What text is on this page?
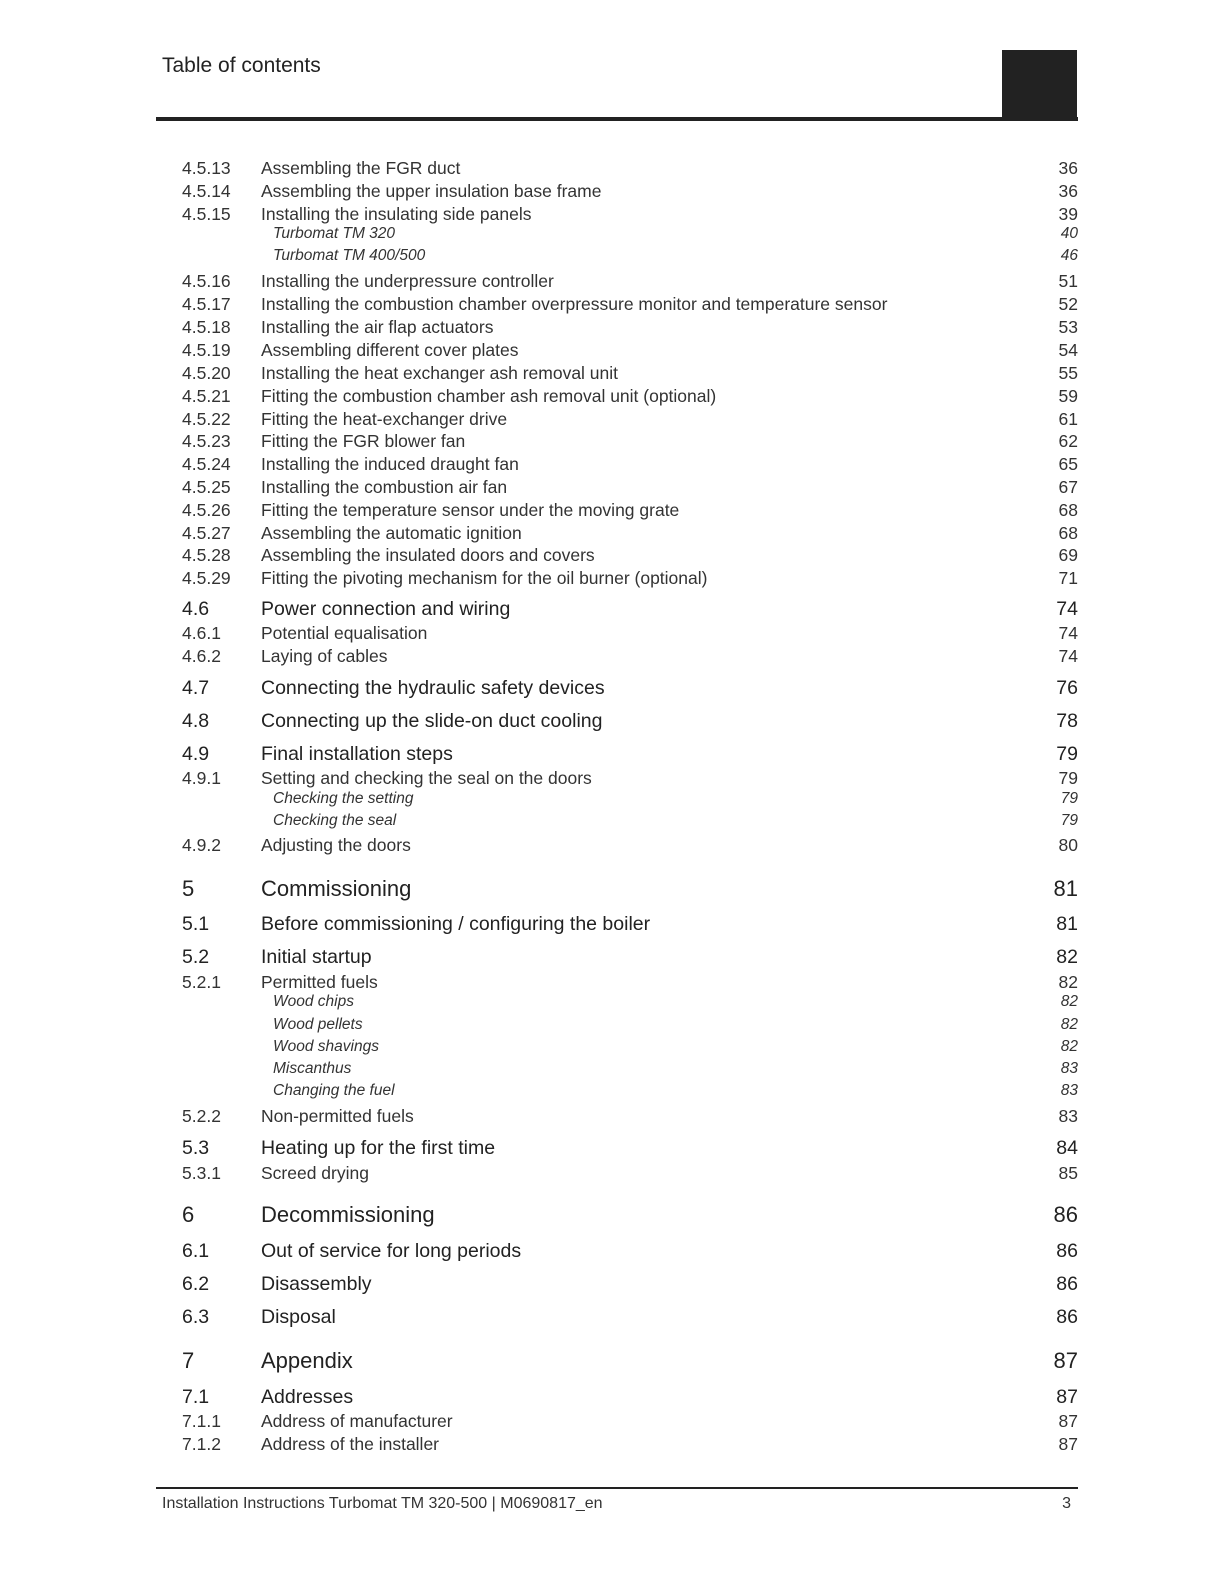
Table of contents
4.5.13 Assembling the FGR duct	36
4.5.14 Assembling the upper insulation base frame	36
4.5.15 Installing the insulating side panels	39
Turbomat TM 320	40
Turbomat TM 400/500	46
4.5.16 Installing the underpressure controller	51
4.5.17 Installing the combustion chamber overpressure monitor and temperature sensor	52
4.5.18 Installing the air flap actuators	53
4.5.19 Assembling different cover plates	54
4.5.20 Installing the heat exchanger ash removal unit	55
4.5.21 Fitting the combustion chamber ash removal unit (optional)	59
4.5.22 Fitting the heat-exchanger drive	61
4.5.23 Fitting the FGR blower fan	62
4.5.24 Installing the induced draught fan	65
4.5.25 Installing the combustion air fan	67
4.5.26 Fitting the temperature sensor under the moving grate	68
4.5.27 Assembling the automatic ignition	68
4.5.28 Assembling the insulated doors and covers	69
4.5.29 Fitting the pivoting mechanism for the oil burner (optional)	71
4.6	Power connection and wiring	74
4.6.1 Potential equalisation	74
4.6.2 Laying of cables	74
4.7	Connecting the hydraulic safety devices	76
4.8	Connecting up the slide-on duct cooling	78
4.9	Final installation steps	79
4.9.1 Setting and checking the seal on the doors	79
Checking the setting	79
Checking the seal	79
4.9.2 Adjusting the doors	80
5	Commissioning	81
5.1	Before commissioning / configuring the boiler	81
5.2	Initial startup	82
5.2.1 Permitted fuels	82
Wood chips	82
Wood pellets	82
Wood shavings	82
Miscanthus	83
Changing the fuel	83
5.2.2 Non-permitted fuels	83
5.3	Heating up for the first time	84
5.3.1 Screed drying	85
6	Decommissioning	86
6.1	Out of service for long periods	86
6.2	Disassembly	86
6.3	Disposal	86
7	Appendix	87
7.1	Addresses	87
7.1.1 Address of manufacturer	87
7.1.2 Address of the installer	87
Installation Instructions Turbomat TM 320-500 | M0690817_en	3
